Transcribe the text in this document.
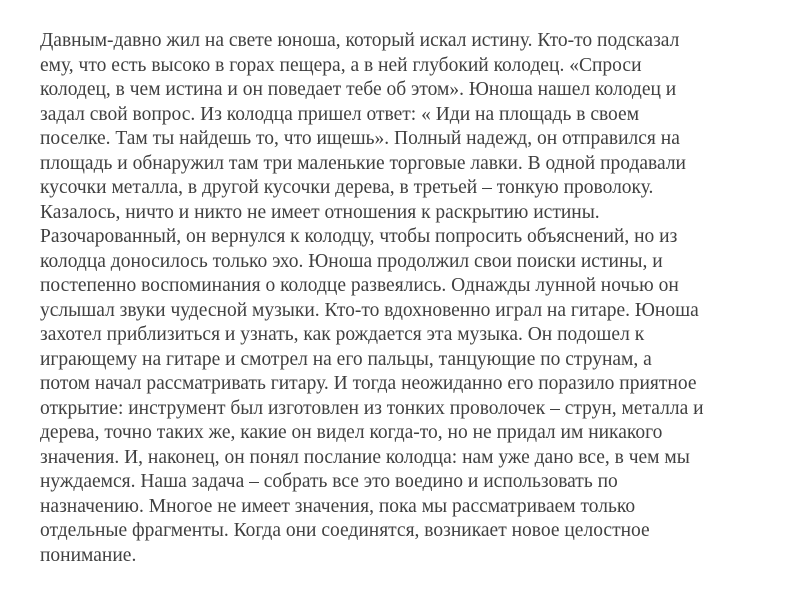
Давным-давно жил на свете юноша, который искал истину. Кто-то подсказал

ему, что есть высоко в горах пещера, а в ней глубокий колодец. «Спроси

колодец, в чем истина и он поведает тебе об этом». Юноша нашел колодец и

задал свой вопрос. Из колодца пришел ответ: « Иди на площадь в своем

поселке. Там ты найдешь то, что ищешь». Полный надежд, он отправился на

площадь и обнаружил там три маленькие торговые лавки. В одной продавали

кусочки металла, в другой кусочки дерева, в третьей – тонкую проволоку.

Казалось, ничто и никто не имеет отношения к раскрытию истины.

Разочарованный, он вернулся к колодцу, чтобы попросить объяснений, но из

колодца доносилось только эхо. Юноша продолжил свои поиски истины, и

постепенно воспоминания о колодце развеялись. Однажды лунной ночью он

услышал звуки чудесной музыки. Кто-то вдохновенно играл на гитаре. Юноша

захотел приблизиться и узнать, как рождается эта музыка. Он подошел к

играющему на гитаре и смотрел на его пальцы, танцующие по струнам, а

потом начал рассматривать гитару. И тогда неожиданно его поразило приятное

открытие: инструмент был изготовлен из тонких проволочек – струн, металла и

дерева, точно таких же, какие он видел когда-то, но не придал им никакого

значения. И, наконец, он понял послание колодца: нам уже дано все, в чем мы

нуждаемся. Наша задача – собрать все это воедино и использовать по

назначению. Многое не имеет значения, пока мы рассматриваем только

отдельные фрагменты. Когда они соединятся, возникает новое целостное

понимание.
